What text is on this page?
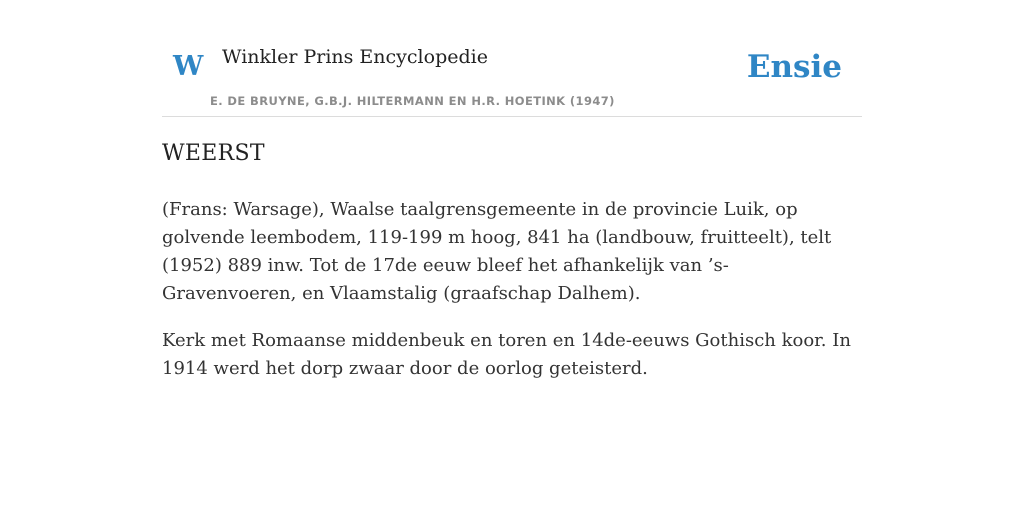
W Winkler Prins Encyclopedie
E. DE BRUYNE, G.B.J. HILTERMANN EN H.R. HOETINK (1947)
Ensie
WEERST

(Frans: Warsage), Waalse taalgrensgemeente in de provincie Luik, op golvende leembodem, 119-199 m hoog, 841 ha (landbouw, fruitteelt), telt (1952) 889 inw. Tot de 17de eeuw bleef het afhankelijk van ’s-Gravenvoeren, en Vlaamstalig (graafschap Dalhem).

Kerk met Romaanse middenbeuk en toren en 14de-eeuws Gothisch koor. In 1914 werd het dorp zwaar door de oorlog geteisterd.
